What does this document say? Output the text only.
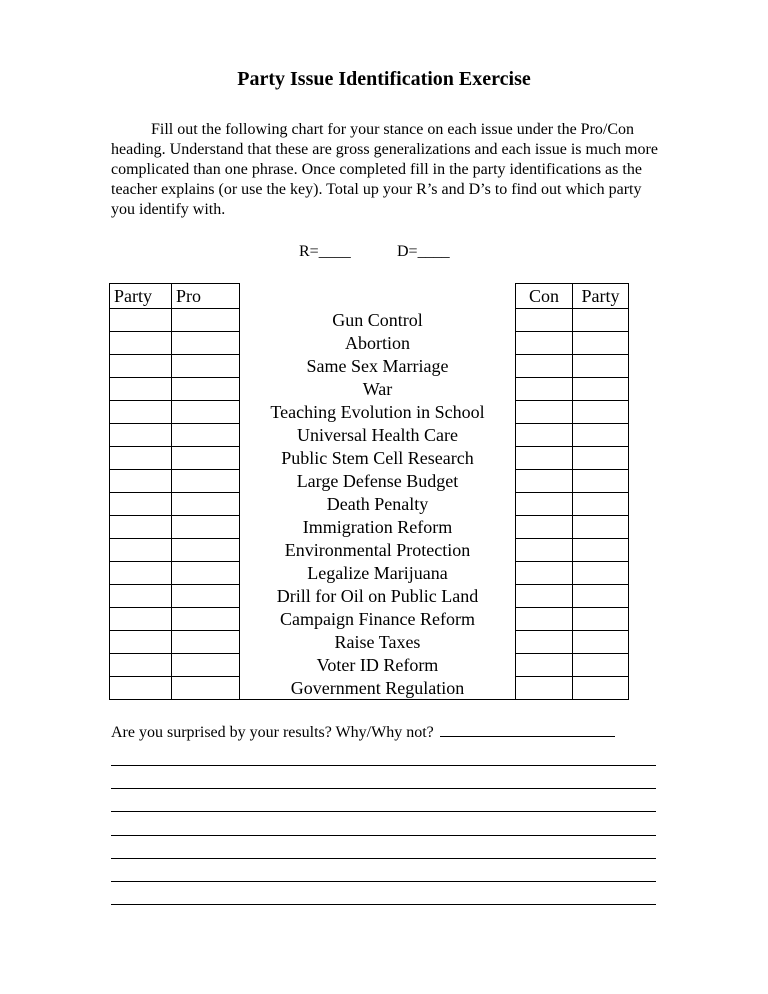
Party Issue Identification Exercise

Fill out the following chart for your stance on each issue under the Pro/Con heading. Understand that these are gross generalizations and each issue is much more complicated than one phrase. Once completed fill in the party identifications as the teacher explains (or use the key). Total up your R’s and D’s to find out which party you identify with.

R=____	D=____
Party	Pro		Con	Party
		Gun Control		
		Abortion		
		Same Sex Marriage		
		War		
		Teaching Evolution in School		
		Universal Health Care		
		Public Stem Cell Research		
		Large Defense Budget		
		Death Penalty		
		Immigration Reform		
		Environmental Protection		
		Legalize Marijuana		
		Drill for Oil on Public Land		
		Campaign Finance Reform		
		Raise Taxes		
		Voter ID Reform		
		Government Regulation		
Are you surprised by your results? Why/Why not?
